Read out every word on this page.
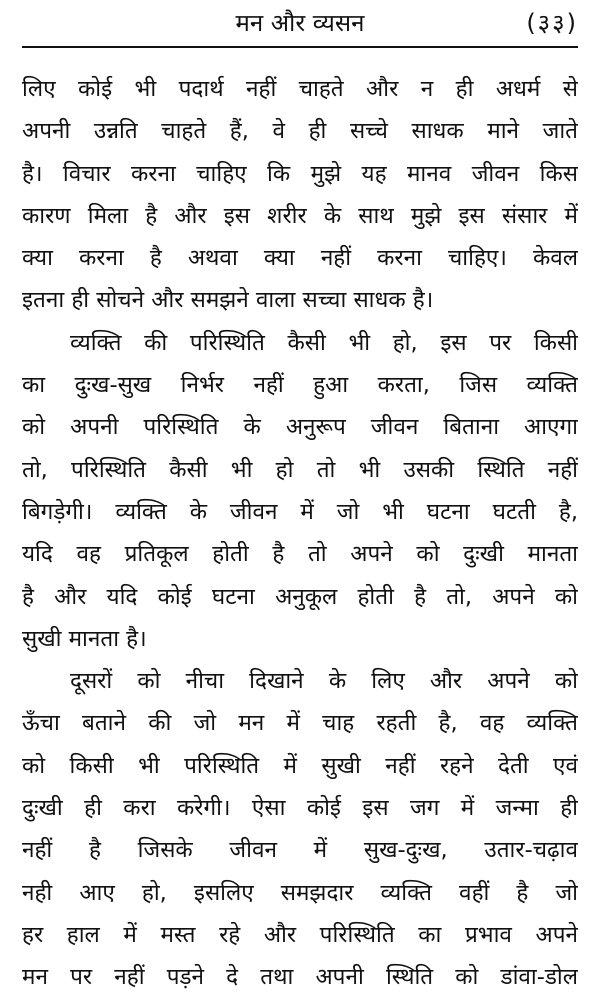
मन और व्यसन	(३३)
लिए कोई भी पदार्थ नहीं चाहते और न ही अधर्म से
अपनी उन्नति चाहते हैं, वे ही सच्चे साधक माने जाते
है। विचार करना चाहिए कि मुझे यह मानव जीवन किस
कारण मिला है और इस शरीर के साथ मुझे इस संसार में
क्या करना है अथवा क्या नहीं करना चाहिए। केवल
इतना ही सोचने और समझने वाला सच्चा साधक है।
व्यक्ति की परिस्थिति कैसी भी हो, इस पर किसी
का दुःख-सुख निर्भर नहीं हुआ करता, जिस व्यक्ति
को अपनी परिस्थिति के अनुरूप जीवन बिताना आएगा
तो, परिस्थिति कैसी भी हो तो भी उसकी स्थिति नहीं
बिगड़ेगी। व्यक्ति के जीवन में जो भी घटना घटती है,
यदि वह प्रतिकूल होती है तो अपने को दुःखी मानता
है और यदि कोई घटना अनुकूल होती है तो, अपने को
सुखी मानता है।
दूसरों को नीचा दिखाने के लिए और अपने को
ऊँचा बताने की जो मन में चाह रहती है, वह व्यक्ति
को किसी भी परिस्थिति में सुखी नहीं रहने देती एवं
दुःखी ही करा करेगी। ऐसा कोई इस जग में जन्मा ही
नहीं है जिसके जीवन में सुख-दुःख, उतार-चढ़ाव
नही आए हो, इसलिए समझदार व्यक्ति वहीं है जो
हर हाल में मस्त रहे और परिस्थिति का प्रभाव अपने
मन पर नहीं पड़ने दे तथा अपनी स्थिति को डांवा-डोल
